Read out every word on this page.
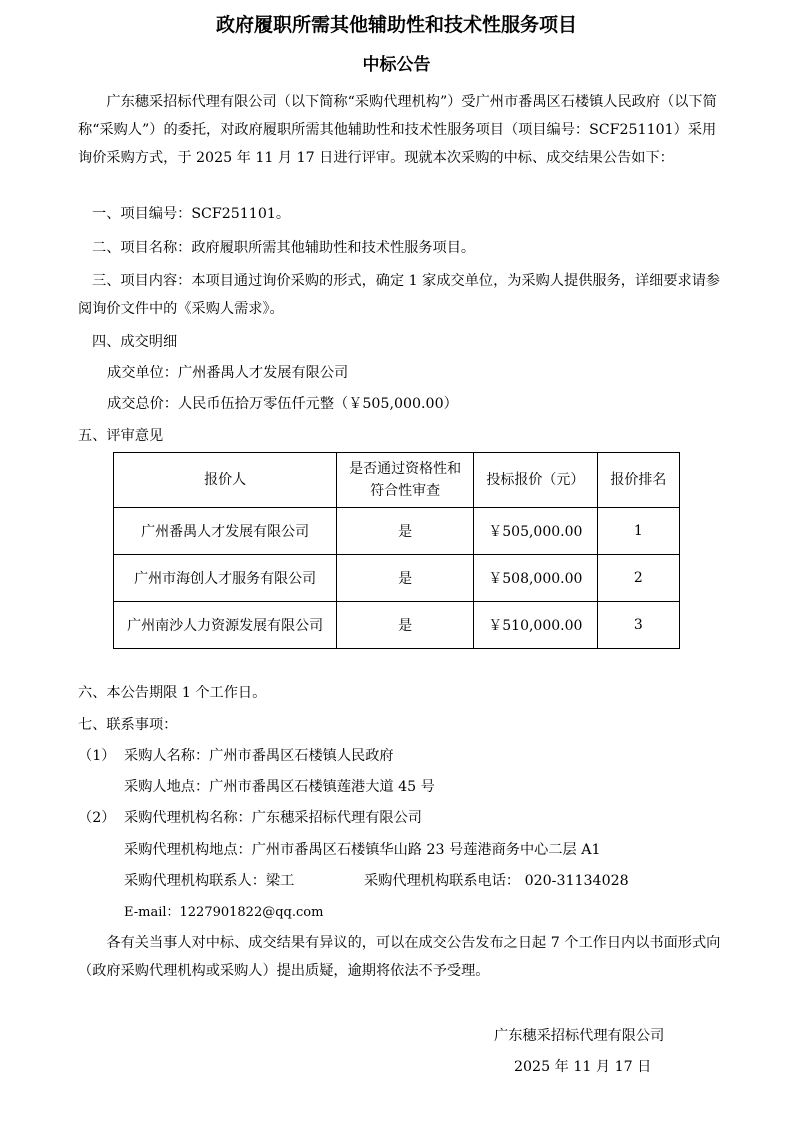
政府履职所需其他辅助性和技术性服务项目
中标公告
广东穗采招标代理有限公司（以下简称“采购代理机构”）受广州市番禺区石楼镇人民政府（以下简称“采购人”）的委托，对政府履职所需其他辅助性和技术性服务项目（项目编号：SCF251101）采用询价采购方式，于 2025 年 11 月 17 日进行评审。现就本次采购的中标、成交结果公告如下：
一、项目编号：SCF251101。
二、项目名称：政府履职所需其他辅助性和技术性服务项目。
三、项目内容：本项目通过询价采购的形式，确定 1 家成交单位，为采购人提供服务，详细要求请参阅询价文件中的《采购人需求》。
四、成交明细
成交单位：广州番禺人才发展有限公司
成交总价：人民币伍拾万零伍仟元整（￥505,000.00）
五、评审意见
报价人	是否通过资格性和符合性审查	投标报价（元）	报价排名
广州番禺人才发展有限公司	是	￥505,000.00	1
广州市海创人才服务有限公司	是	￥508,000.00	2
广州南沙人力资源发展有限公司	是	￥510,000.00	3
六、本公告期限 1 个工作日。
七、联系事项：
（1） 采购人名称：广州市番禺区石楼镇人民政府
采购人地点：广州市番禺区石楼镇莲港大道 45 号
（2） 采购代理机构名称：广东穗采招标代理有限公司
采购代理机构地点：广州市番禺区石楼镇华山路 23 号莲港商务中心二层 A1
采购代理机构联系人：梁工	采购代理机构联系电话： 020-31134028
E-mail：1227901822@qq.com
各有关当事人对中标、成交结果有异议的，可以在成交公告发布之日起 7 个工作日内以书面形式向（政府采购代理机构或采购人）提出质疑，逾期将依法不予受理。
广东穗采招标代理有限公司
2025 年 11 月 17 日
